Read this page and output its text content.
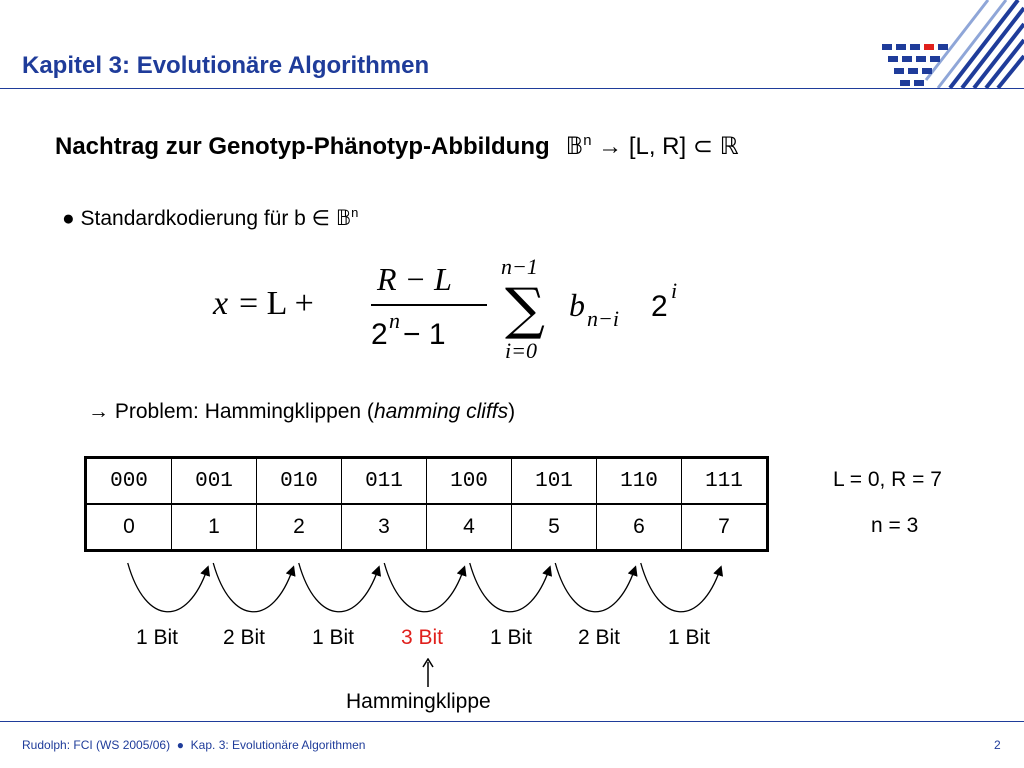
Kapitel 3: Evolutionäre Algorithmen
Nachtrag zur Genotyp-Phänotyp-Abbildung 𝔹$^n$ → [L, R] ⊂ ℝ
● Standardkodierung für b ∈ 𝔹$^n$
x = L +
R − L
2 n − 1
n−1
∑
i=0
b n−i 2 i
→ Problem: Hammingklippen (hamming cliffs)
000	001	010	011	100	101	110	111
0	1	2	3	4	5	6	7
L = 0, R = 7
n = 3
1 Bit 2 Bit 1 Bit 3 Bit 1 Bit 2 Bit 1 Bit
Hammingklippe
Rudolph: FCI (WS 2005/06) ● Kap. 3: Evolutionäre Algorithmen	2
